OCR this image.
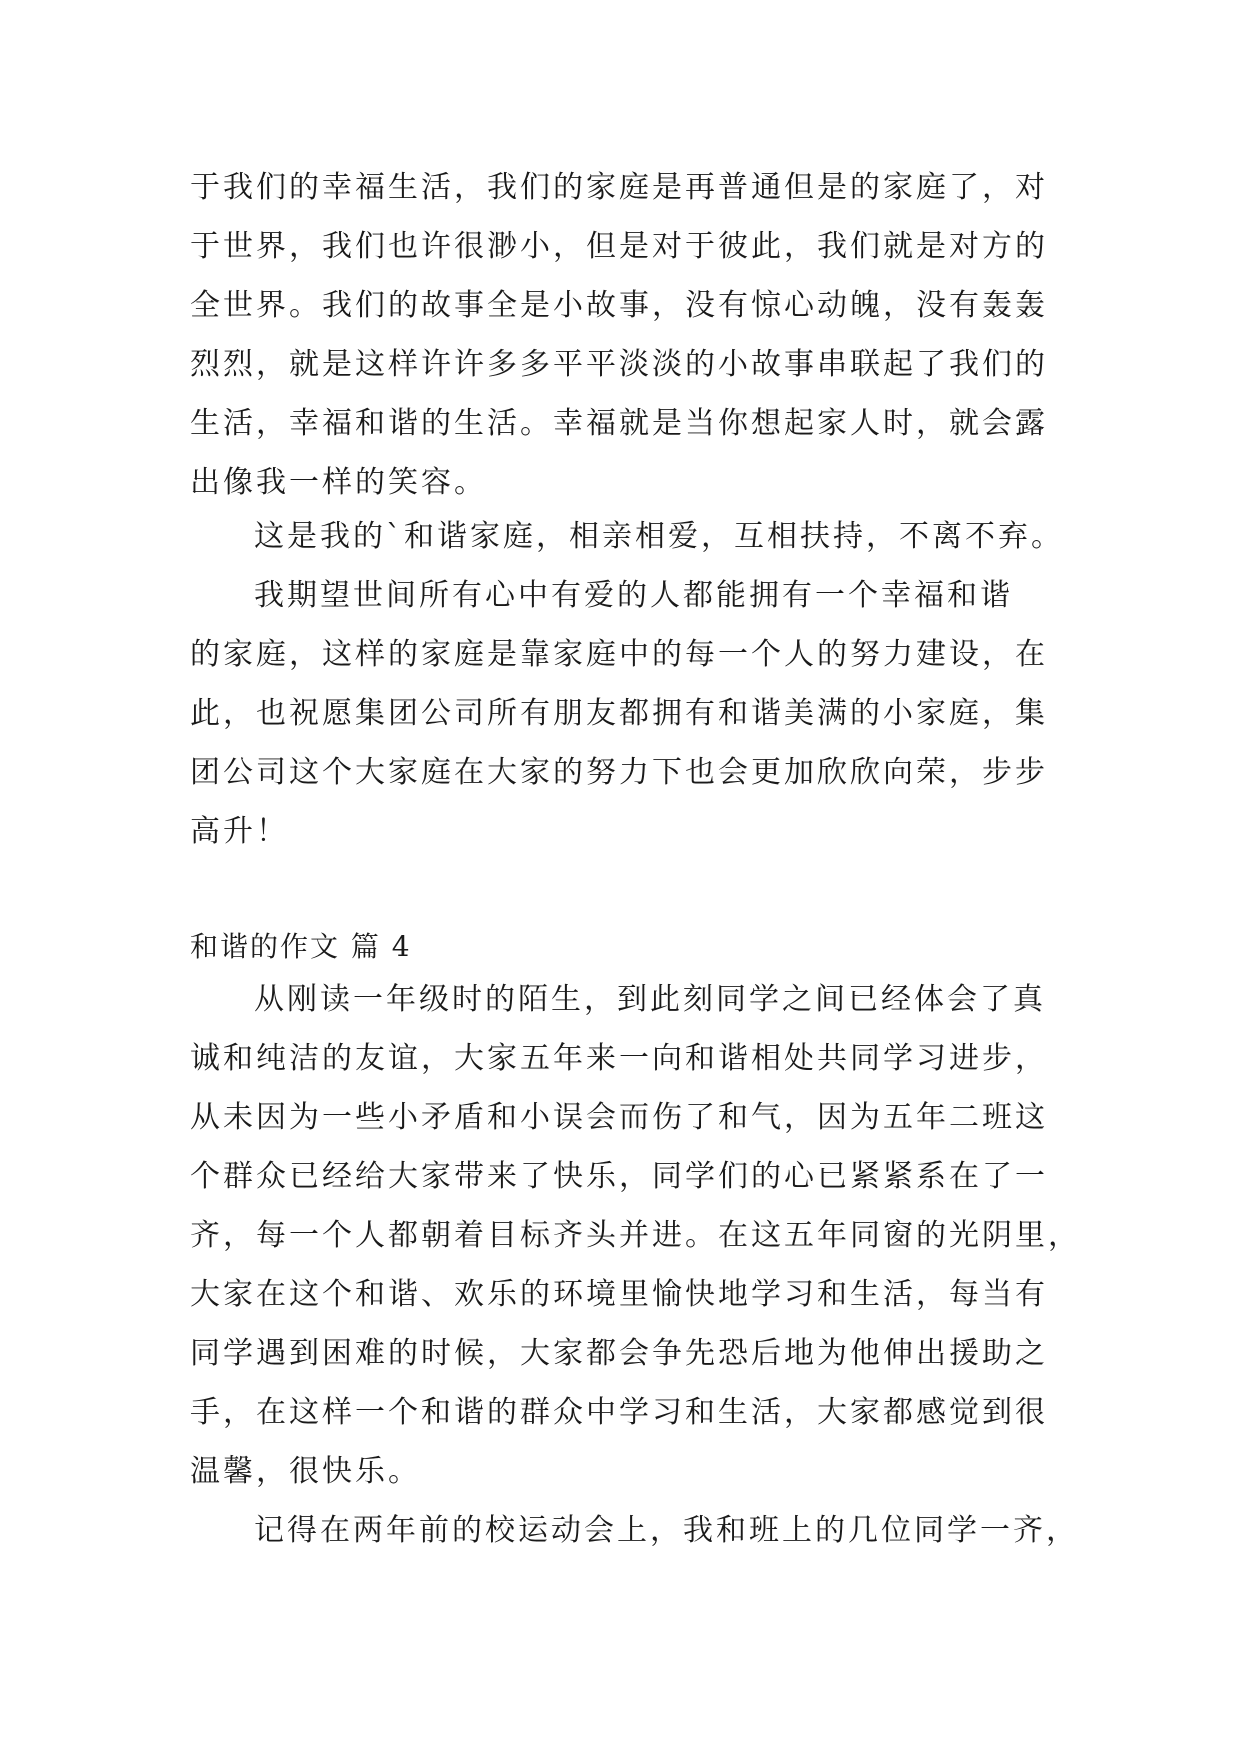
于我们的幸福生活，我们的家庭是再普通但是的家庭了，对
于世界，我们也许很渺小，但是对于彼此，我们就是对方的
全世界。我们的故事全是小故事，没有惊心动魄，没有轰轰
烈烈，就是这样许许多多平平淡淡的小故事串联起了我们的
生活，幸福和谐的生活。幸福就是当你想起家人时，就会露
出像我一样的笑容。
这是我的`和谐家庭，相亲相爱，互相扶持，不离不弃。
我期望世间所有心中有爱的人都能拥有一个幸福和谐
的家庭，这样的家庭是靠家庭中的每一个人的努力建设，在
此，也祝愿集团公司所有朋友都拥有和谐美满的小家庭，集
团公司这个大家庭在大家的努力下也会更加欣欣向荣，步步
高升！
和谐的作文 篇 4
从刚读一年级时的陌生，到此刻同学之间已经体会了真
诚和纯洁的友谊，大家五年来一向和谐相处共同学习进步，
从未因为一些小矛盾和小误会而伤了和气，因为五年二班这
个群众已经给大家带来了快乐，同学们的心已紧紧系在了一
齐，每一个人都朝着目标齐头并进。在这五年同窗的光阴里，
大家在这个和谐、欢乐的环境里愉快地学习和生活，每当有
同学遇到困难的时候，大家都会争先恐后地为他伸出援助之
手，在这样一个和谐的群众中学习和生活，大家都感觉到很
温馨，很快乐。
记得在两年前的校运动会上，我和班上的几位同学一齐，
